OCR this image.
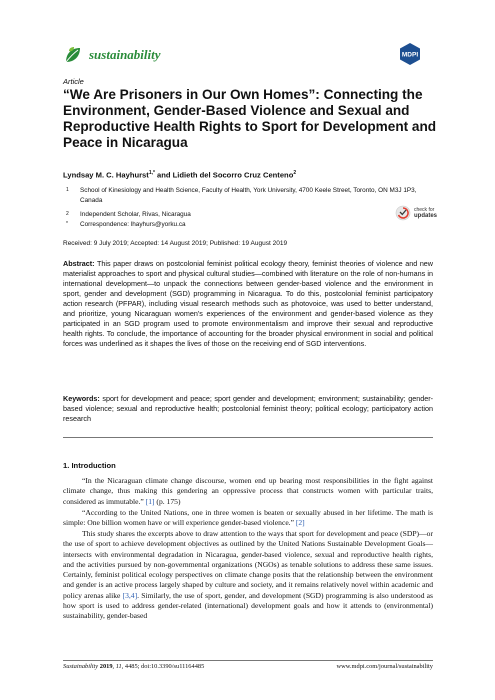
sustainability	MDPI
Article
“We Are Prisoners in Our Own Homes”: Connecting the Environment, Gender-Based Violence and Sexual and Reproductive Health Rights to Sport for Development and Peace in Nicaragua
Lyndsay M. C. Hayhurst$^{1,*}$ and Lidieth del Socorro Cruz Centeno$^2$
1 School of Kinesiology and Health Science, Faculty of Health, York University, 4700 Keele Street, Toronto, ON M3J 1P3, Canada
2 Independent Scholar, Rivas, Nicaragua
* Correspondence: lhayhurs@yorku.ca
check for
updates
Received: 9 July 2019; Accepted: 14 August 2019; Published: 19 August 2019
Abstract: This paper draws on postcolonial feminist political ecology theory, feminist theories of violence and new materialist approaches to sport and physical cultural studies—combined with literature on the role of non-humans in international development—to unpack the connections between gender-based violence and the environment in sport, gender and development (SGD) programming in Nicaragua. To do this, postcolonial feminist participatory action research (PFPAR), including visual research methods such as photovoice, was used to better understand, and prioritize, young Nicaraguan women’s experiences of the environment and gender-based violence as they participated in an SGD program used to promote environmentalism and improve their sexual and reproductive health rights. To conclude, the importance of accounting for the broader physical environment in social and political forces was underlined as it shapes the lives of those on the receiving end of SGD interventions.
Keywords: sport for development and peace; sport gender and development; environment; sustainability; gender-based violence; sexual and reproductive health; postcolonial feminist theory; political ecology; participatory action research
1. Introduction
“In the Nicaraguan climate change discourse, women end up bearing most responsibilities in the fight against climate change, thus making this gendering an oppressive process that constructs women with particular traits, considered as immutable.” [1] (p. 175)
“According to the United Nations, one in three women is beaten or sexually abused in her lifetime. The math is simple: One billion women have or will experience gender-based violence.” [2]
This study shares the excerpts above to draw attention to the ways that sport for development and peace (SDP)—or the use of sport to achieve development objectives as outlined by the United Nations Sustainable Development Goals—intersects with environmental degradation in Nicaragua, gender-based violence, sexual and reproductive health rights, and the activities pursued by non-governmental organizations (NGOs) as tenable solutions to address these same issues. Certainly, feminist political ecology perspectives on climate change posits that the relationship between the environment and gender is an active process largely shaped by culture and society, and it remains relatively novel within academic and policy arenas alike [3,4]. Similarly, the use of sport, gender, and development (SGD) programming is also understood as how sport is used to address gender-related (international) development goals and how it attends to (environmental) sustainability, gender-based
Sustainability 2019, 11, 4485; doi:10.3390/su11164485	www.mdpi.com/journal/sustainability
